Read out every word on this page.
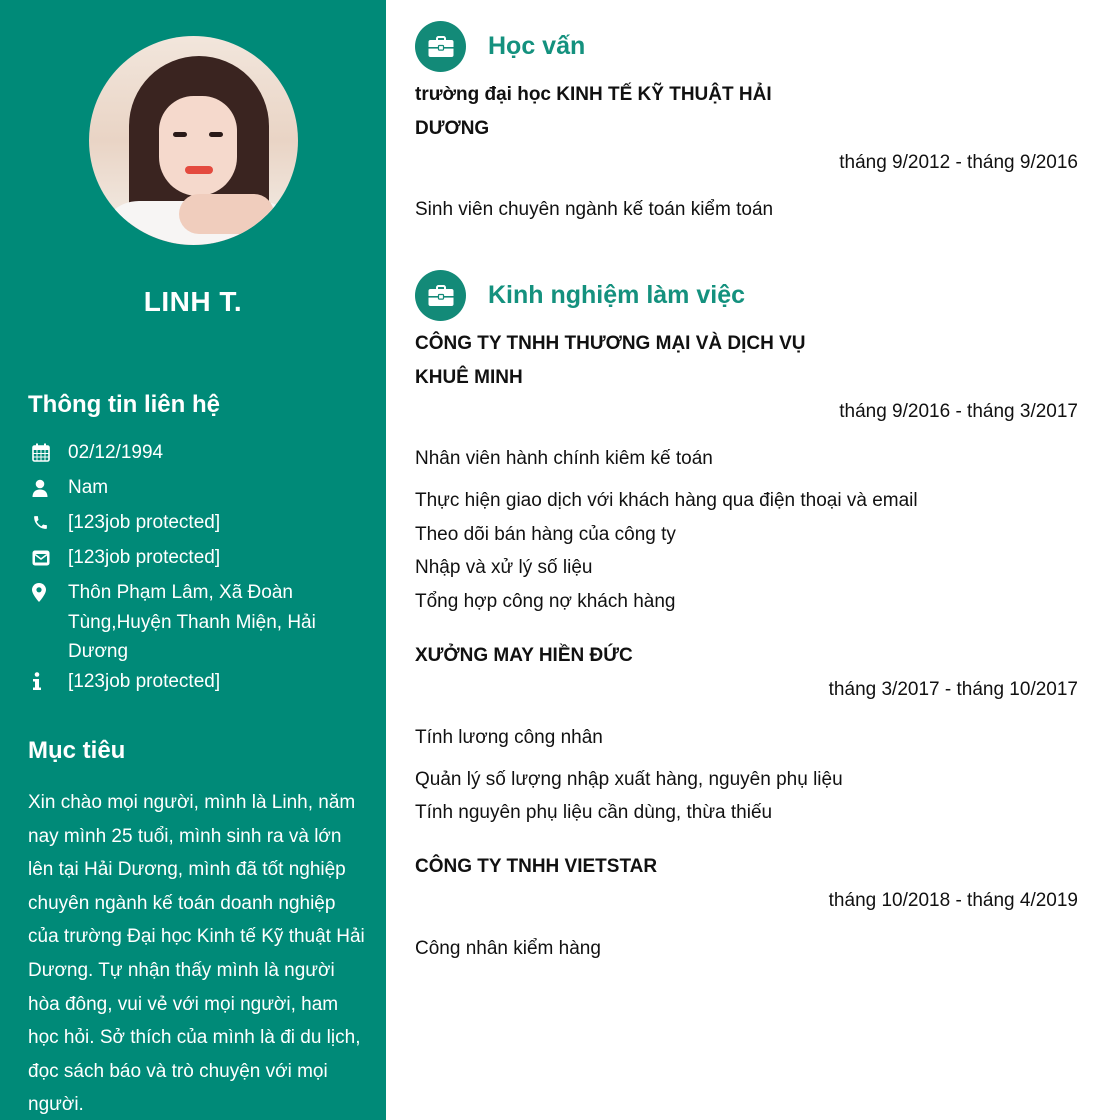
LINH T.
Thông tin liên hệ
02/12/1994
Nam
[123job protected]
[123job protected]
Thôn Phạm Lâm, Xã Đoàn Tùng,Huyện Thanh Miện, Hải Dương
[123job protected]
Mục tiêu

Xin chào mọi người, mình là Linh, năm nay mình 25 tuổi, mình sinh ra và lớn lên tại Hải Dương, mình đã tốt nghiệp chuyên ngành kế toán doanh nghiệp của trường Đại học Kinh tế Kỹ thuật Hải Dương. Tự nhận thấy mình là người hòa đông, vui vẻ với mọi người, ham học hỏi. Sở thích của mình là đi du lịch, đọc sách báo và trò chuyện với mọi người.

Học vấn
trường đại học KINH TẾ KỸ THUẬT HẢI DƯƠNG
tháng 9/2012 - tháng 9/2016
Sinh viên chuyên ngành kế toán kiểm toán
Kinh nghiệm làm việc
CÔNG TY TNHH THƯƠNG MẠI VÀ DỊCH VỤ KHUÊ MINH
tháng 9/2016 - tháng 3/2017
Nhân viên hành chính kiêm kế toán
Thực hiện giao dịch với khách hàng qua điện thoại và email
Theo dõi bán hàng của công ty
Nhập và xử lý số liệu
Tổng hợp công nợ khách hàng
XƯỞNG MAY HIỀN ĐỨC
tháng 3/2017 - tháng 10/2017
Tính lương công nhân
Quản lý số lượng nhập xuất hàng, nguyên phụ liệu
Tính nguyên phụ liệu cần dùng, thừa thiếu
CÔNG TY TNHH VIETSTAR
tháng 10/2018 - tháng 4/2019
Công nhân kiểm hàng
